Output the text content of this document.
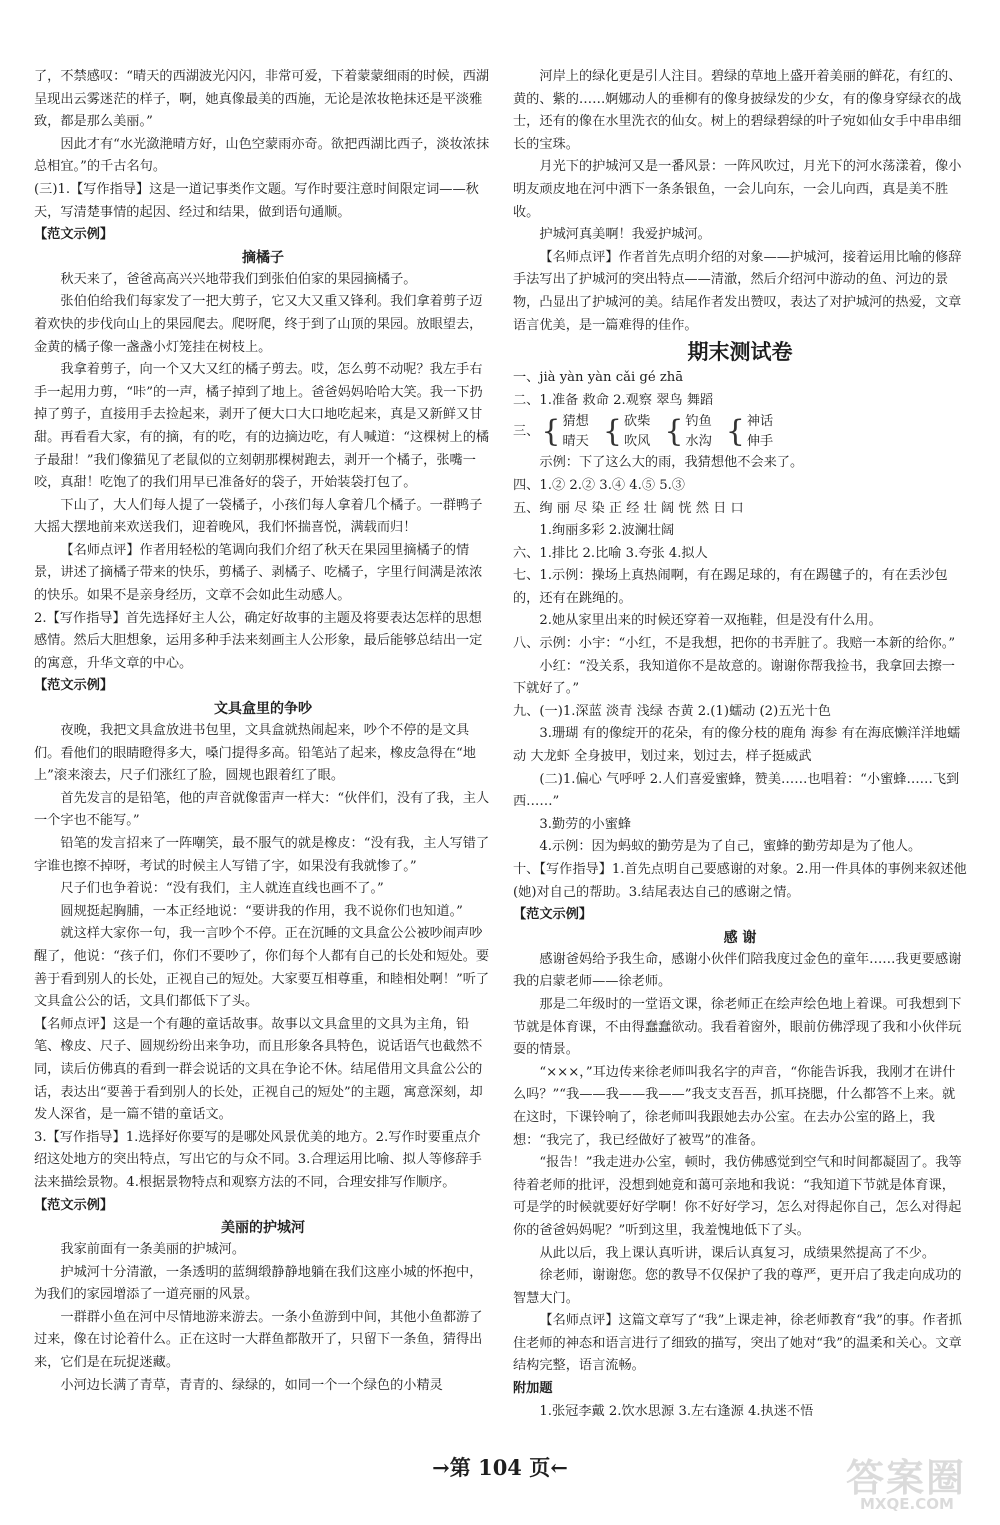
了，不禁感叹：“晴天的西湖波光闪闪，非常可爱，下着蒙蒙细雨的时候，西湖呈现出云雾迷茫的样子，啊，她真像最美的西施，无论是浓妆艳抹还是平淡雅致，都是那么美丽。”

因此才有“水光潋滟晴方好，山色空蒙雨亦奇。欲把西湖比西子，淡妆浓抹总相宜。”的千古名句。

(三)1.【写作指导】这是一道记事类作文题。写作时要注意时间限定词——秋天，写清楚事情的起因、经过和结果，做到语句通顺。

【范文示例】

摘橘子

秋天来了，爸爸高高兴兴地带我们到张伯伯家的果园摘橘子。

张伯伯给我们每家发了一把大剪子，它又大又重又锋利。我们拿着剪子迈着欢快的步伐向山上的果园爬去。爬呀爬，终于到了山顶的果园。放眼望去，金黄的橘子像一盏盏小灯笼挂在树枝上。

我拿着剪子，向一个又大又红的橘子剪去。哎，怎么剪不动呢？我左手右手一起用力剪，“咔”的一声，橘子掉到了地上。爸爸妈妈哈哈大笑。我一下扔掉了剪子，直接用手去捡起来，剥开了便大口大口地吃起来，真是又新鲜又甘甜。再看看大家，有的摘，有的吃，有的边摘边吃，有人喊道：“这棵树上的橘子最甜！”我们像猫见了老鼠似的立刻朝那棵树跑去，剥开一个橘子，张嘴一咬，真甜！吃饱了的我们用早已准备好的袋子，开始装袋打包了。

下山了，大人们每人提了一袋橘子，小孩们每人拿着几个橘子。一群鸭子大摇大摆地前来欢送我们，迎着晚风，我们怀揣喜悦，满载而归！

【名师点评】作者用轻松的笔调向我们介绍了秋天在果园里摘橘子的情景，讲述了摘橘子带来的快乐，剪橘子、剥橘子、吃橘子，字里行间满是浓浓的快乐。如果不是亲身经历，文章不会如此生动感人。

2.【写作指导】首先选择好主人公，确定好故事的主题及将要表达怎样的思想感情。然后大胆想象，运用多种手法来刻画主人公形象，最后能够总结出一定的寓意，升华文章的中心。

【范文示例】

文具盒里的争吵

夜晚，我把文具盒放进书包里，文具盒就热闹起来，吵个不停的是文具们。看他们的眼睛瞪得多大，嗓门提得多高。铅笔站了起来，橡皮急得在“地上”滚来滚去，尺子们涨红了脸，圆规也跟着红了眼。

首先发言的是铅笔，他的声音就像雷声一样大：“伙伴们，没有了我，主人一个字也不能写。”

铅笔的发言招来了一阵嘲笑，最不服气的就是橡皮：“没有我，主人写错了字谁也擦不掉呀，考试的时候主人写错了字，如果没有我就惨了。”

尺子们也争着说：“没有我们，主人就连直线也画不了。”

圆规挺起胸脯，一本正经地说：“要讲我的作用，我不说你们也知道。”

就这样大家你一句，我一言吵个不停。正在沉睡的文具盒公公被吵闹声吵醒了，他说：“孩子们，你们不要吵了，你们每个人都有自己的长处和短处。要善于看到别人的长处，正视自己的短处。大家要互相尊重，和睦相处啊！”听了文具盒公公的话，文具们都低下了头。

【名师点评】这是一个有趣的童话故事。故事以文具盒里的文具为主角，铅笔、橡皮、尺子、圆规纷纷出来争功，而且形象各具特色，说话语气也截然不同，读后仿佛真的看到一群会说话的文具在争论不休。结尾借用文具盒公公的话，表达出“要善于看到别人的长处，正视自己的短处”的主题，寓意深刻，却发人深省，是一篇不错的童话文。

3.【写作指导】1.选择好你要写的是哪处风景优美的地方。2.写作时要重点介绍这处地方的突出特点，写出它的与众不同。3.合理运用比喻、拟人等修辞手法来描绘景物。4.根据景物特点和观察方法的不同，合理安排写作顺序。

【范文示例】

美丽的护城河

我家前面有一条美丽的护城河。

护城河十分清澈，一条透明的蓝绸缎静静地躺在我们这座小城的怀抱中，为我们的家园增添了一道亮丽的风景。

一群群小鱼在河中尽情地游来游去。一条小鱼游到中间，其他小鱼都游了过来，像在讨论着什么。正在这时一大群鱼都散开了，只留下一条鱼，猜得出来，它们是在玩捉迷藏。

小河边长满了青草，青青的、绿绿的，如同一个一个绿色的小精灵

河岸上的绿化更是引人注目。碧绿的草地上盛开着美丽的鲜花，有红的、黄的、紫的……婀娜动人的垂柳有的像身披绿发的少女，有的像身穿绿衣的战士，还有的像在水里洗衣的仙女。树上的碧绿碧绿的叶子宛如仙女手中串串细长的宝珠。

月光下的护城河又是一番风景：一阵风吹过，月光下的河水荡漾着，像小明友顽皮地在河中洒下一条条银鱼，一会儿向东，一会儿向西，真是美不胜收。

护城河真美啊！我爱护城河。

【名师点评】作者首先点明介绍的对象——护城河，接着运用比喻的修辞手法写出了护城河的突出特点——清澈，然后介绍河中游动的鱼、河边的景物，凸显出了护城河的美。结尾作者发出赞叹，表达了对护城河的热爱，文章语言优美，是一篇难得的佳作。

期末测试卷

一、jià yàn yàn cǎi gé zhā

二、1.准备 救命 2.观察 翠鸟 舞蹈

三、 { 猜想
晴天 { 砍柴
吹风 { 钓鱼
水沟 { 神话
伸手

示例：下了这么大的雨，我猜想他不会来了。

四、1.② 2.② 3.④ 4.⑤ 5.③

五、绚 丽 尽 染 正 经 壮 阔 恍 然 日 口

1.绚丽多彩 2.波澜壮阔

六、1.排比 2.比喻 3.夸张 4.拟人

七、1.示例：操场上真热闹啊，有在踢足球的，有在踢毽子的，有在丢沙包的，还有在跳绳的。

2.她从家里出来的时候还穿着一双拖鞋，但是没有什么用。

八、示例：小宇：“小红，不是我想，把你的书弄脏了。我赔一本新的给你。”

小红：“没关系，我知道你不是故意的。谢谢你帮我捡书，我拿回去擦一下就好了。”

九、(一)1.深蓝 淡青 浅绿 杏黄 2.(1)蠕动 (2)五光十色

3.珊瑚 有的像绽开的花朵，有的像分枝的鹿角 海参 有在海底懒洋洋地蠕动 大龙虾 全身披甲，划过来，划过去，样子挺威武

(二)1.偏心 气呼呼 2.人们喜爱蜜蜂，赞美……也唱着：“小蜜蜂……飞到西……”

3.勤劳的小蜜蜂

4.示例：因为蚂蚁的勤劳是为了自己，蜜蜂的勤劳却是为了他人。

十、【写作指导】1.首先点明自己要感谢的对象。2.用一件具体的事例来叙述他(她)对自己的帮助。3.结尾表达自己的感谢之情。

【范文示例】

感 谢

感谢爸妈给予我生命，感谢小伙伴们陪我度过金色的童年……我更要感谢我的启蒙老师——徐老师。

那是二年级时的一堂语文课，徐老师正在绘声绘色地上着课。可我想到下节就是体育课，不由得蠢蠢欲动。我看着窗外，眼前仿佛浮现了我和小伙伴玩耍的情景。

“×××，”耳边传来徐老师叫我名字的声音，“你能告诉我，我刚才在讲什么吗？”“我——我——我——”我支支吾吾，抓耳挠腮，什么都答不上来。就在这时，下课铃响了，徐老师叫我跟她去办公室。在去办公室的路上，我想：“我完了，我已经做好了被骂”的准备。

“报告！”我走进办公室，顿时，我仿佛感觉到空气和时间都凝固了。我等待着老师的批评，没想到她竟和蔼可亲地和我说：“我知道下节就是体育课，可是学的时候就要好好学啊！你不好好学习，怎么对得起你自己，怎么对得起你的爸爸妈妈呢？”听到这里，我羞愧地低下了头。

从此以后，我上课认真听讲，课后认真复习，成绩果然提高了不少。

徐老师，谢谢您。您的教导不仅保护了我的尊严，更开启了我走向成功的智慧大门。

【名师点评】这篇文章写了“我”上课走神，徐老师教育“我”的事。作者抓住老师的神态和语言进行了细致的描写，突出了她对“我”的温柔和关心。文章结构完整，语言流畅。

附加题

1.张冠李戴 2.饮水思源 3.左右逢源 4.执迷不悟

→第 104 页←	答案圈
MXQE.COM
